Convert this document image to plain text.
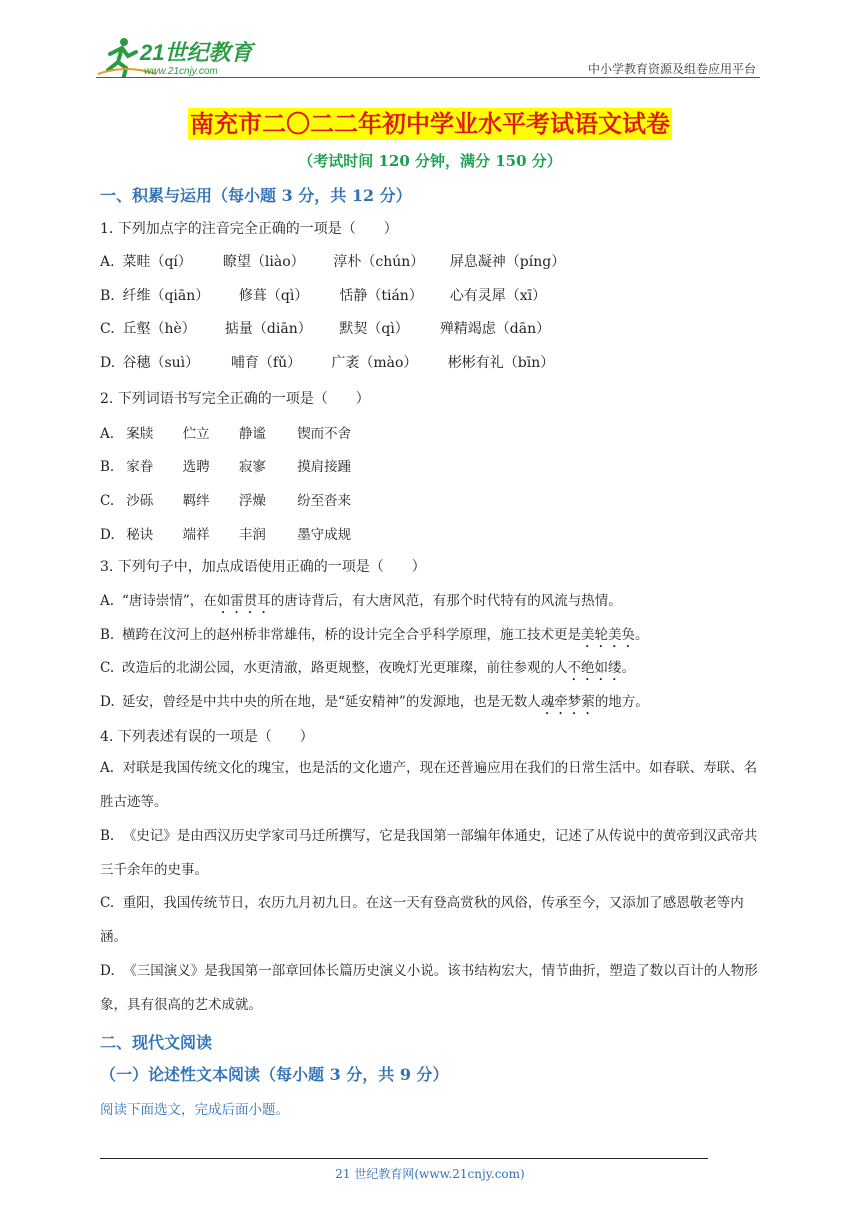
21世纪教育
www.21cnjy.com	中小学教育资源及组卷应用平台
南充市二〇二二年初中学业水平考试语文试卷
（考试时间 120 分钟，满分 150 分）
一、积累与运用（每小题 3 分，共 12 分）
1. 下列加点字的注音完全正确的一项是（　　）
A. 菜畦（qí） 瞭望（liào） 淳朴（chún） 屏息凝神（píng）
B. 纤维（qiān） 修葺（qì） 恬静（tián） 心有灵犀（xī）
C. 丘壑（hè） 掂量（diān） 默契（qì） 殚精竭虑（dān）
D. 谷穗（suì） 哺育（fǔ） 广袤（mào） 彬彬有礼（bīn）
2. 下列词语书写完全正确的一项是（　　）
A. 案牍 伫立 静谧 锲而不舍
B. 家眷 选聘 寂寥 摸肩接踵
C. 沙砾 羁绊 浮燥 纷至沓来
D. 秘诀 端祥 丰润 墨守成规
3. 下列句子中，加点成语使用正确的一项是（　　）
A. “唐诗崇情”，在如雷贯耳的唐诗背后，有大唐风范，有那个时代特有的风流与热情。
B. 横跨在汶河上的赵州桥非常雄伟，桥的设计完全合乎科学原理，施工技术更是美轮美奂。
C. 改造后的北湖公园，水更清澈，路更规整，夜晚灯光更璀璨，前往参观的人不绝如缕。
D. 延安，曾经是中共中央的所在地，是“延安精神”的发源地，也是无数人魂牵梦萦的地方。
4. 下列表述有误的一项是（　　）
A. 对联是我国传统文化的瑰宝，也是活的文化遗产，现在还普遍应用在我们的日常生活中。如春联、寿联、名胜古迹等。
B. 《史记》是由西汉历史学家司马迁所撰写，它是我国第一部编年体通史，记述了从传说中的黄帝到汉武帝共三千余年的史事。
C. 重阳，我国传统节日，农历九月初九日。在这一天有登高赏秋的风俗，传承至今，又添加了感恩敬老等内涵。
D. 《三国演义》是我国第一部章回体长篇历史演义小说。该书结构宏大，情节曲折，塑造了数以百计的人物形象，具有很高的艺术成就。
二、现代文阅读
（一）论述性文本阅读（每小题 3 分，共 9 分）
阅读下面选文，完成后面小题。
21 世纪教育网(www.21cnjy.com)
